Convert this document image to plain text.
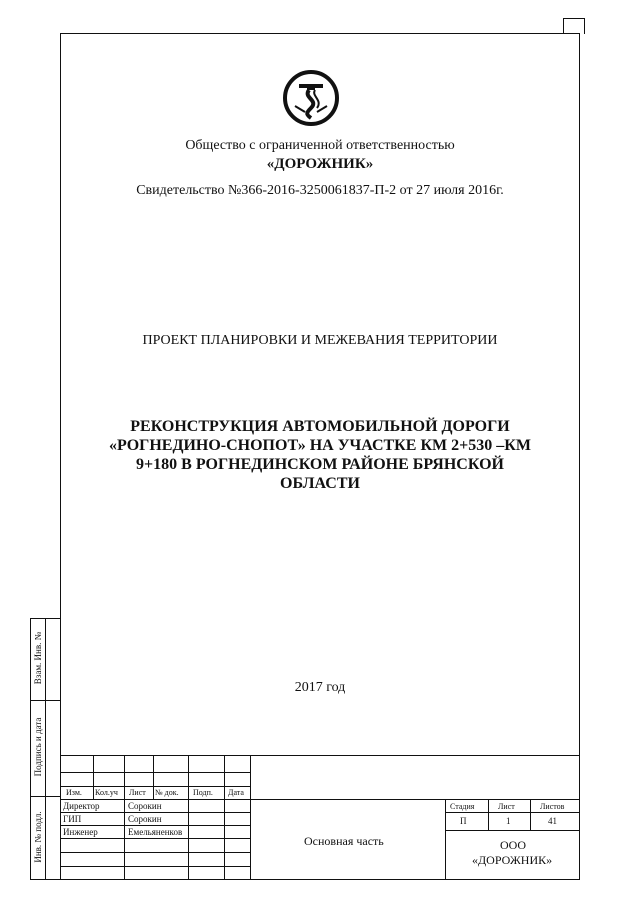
Общество с ограниченной ответственностью
«ДОРОЖНИК»
Свидетельство №366-2016-3250061837-П-2 от 27 июля 2016г.
ПРОЕКТ ПЛАНИРОВКИ И МЕЖЕВАНИЯ ТЕРРИТОРИИ
РЕКОНСТРУКЦИЯ АВТОМОБИЛЬНОЙ ДОРОГИ
«РОГНЕДИНО-СНОПОТ» НА УЧАСТКЕ КМ 2+530 –КМ
9+180 В РОГНЕДИНСКОМ РАЙОНЕ БРЯНСКОЙ
ОБЛАСТИ
2017 год
Взам. Инв. №
Подпись и дата
Инв. № подл.
Изм. Кол.уч Лист № док. Подп. Дата
Директор	Сорокин
ГИП	Сорокин
Инженер	Емельяненков
Стадия	Лист	Листов
П	1	41
Основная часть	ООО
«ДОРОЖНИК»
